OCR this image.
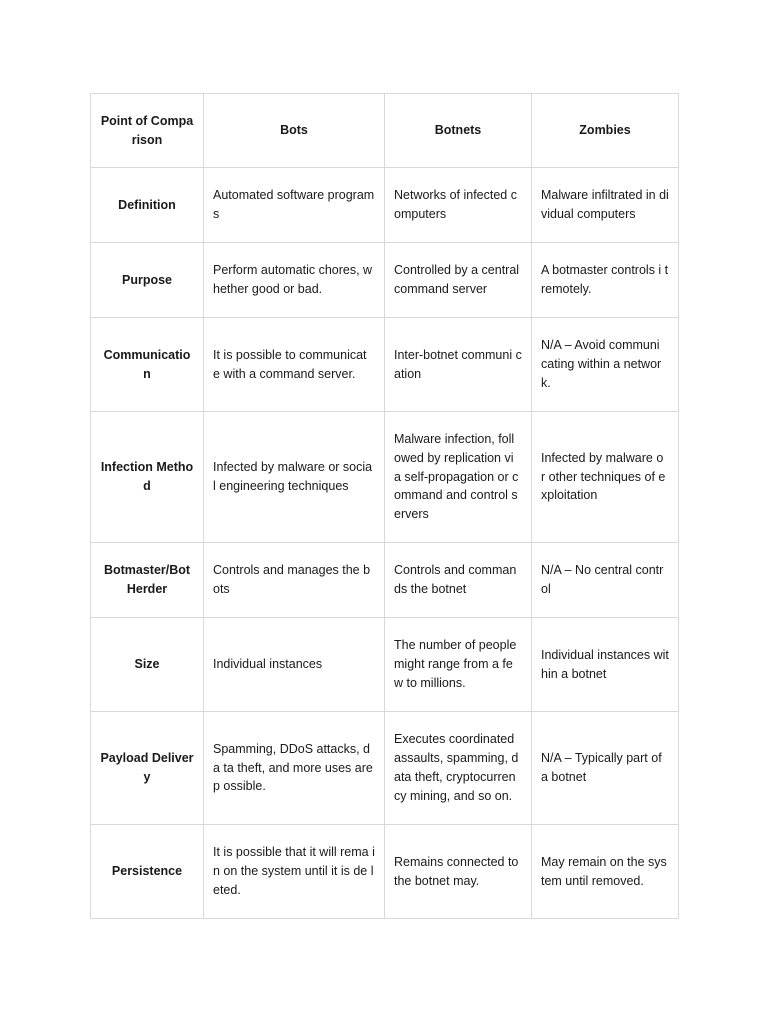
Point of Comparison	Bots	Botnets	Zombies
Definition	Automated software programs	Networks of infected computers	Malware infiltrated in dividual computers
Purpose	Perform automatic chores, whether good or bad.	Controlled by a central command server	A botmaster controls i t remotely.
Communication	It is possible to communicat e with a command server.	Inter-botnet communi cation	N/A – Avoid communi cating within a networ k.
Infection Method	Infected by malware or socia l engineering techniques	Malware infection, foll owed by replication vi a self-propagation or c ommand and control s ervers	Infected by malware o r other techniques of exploitation
Botmaster/Bot Herder	Controls and manages the bots	Controls and comman ds the botnet	N/A – No central control
Size	Individual instances	The number of people might range from a fe w to millions.	Individual instances within a botnet
Payload Delivery	Spamming, DDoS attacks, da ta theft, and more uses are p ossible.	Executes coordinated assaults, spamming, d ata theft, cryptocurren cy mining, and so on.	N/A – Typically part of a botnet
Persistence	It is possible that it will rema in on the system until it is de leted.	Remains connected to the botnet may.	May remain on the sys tem until removed.
